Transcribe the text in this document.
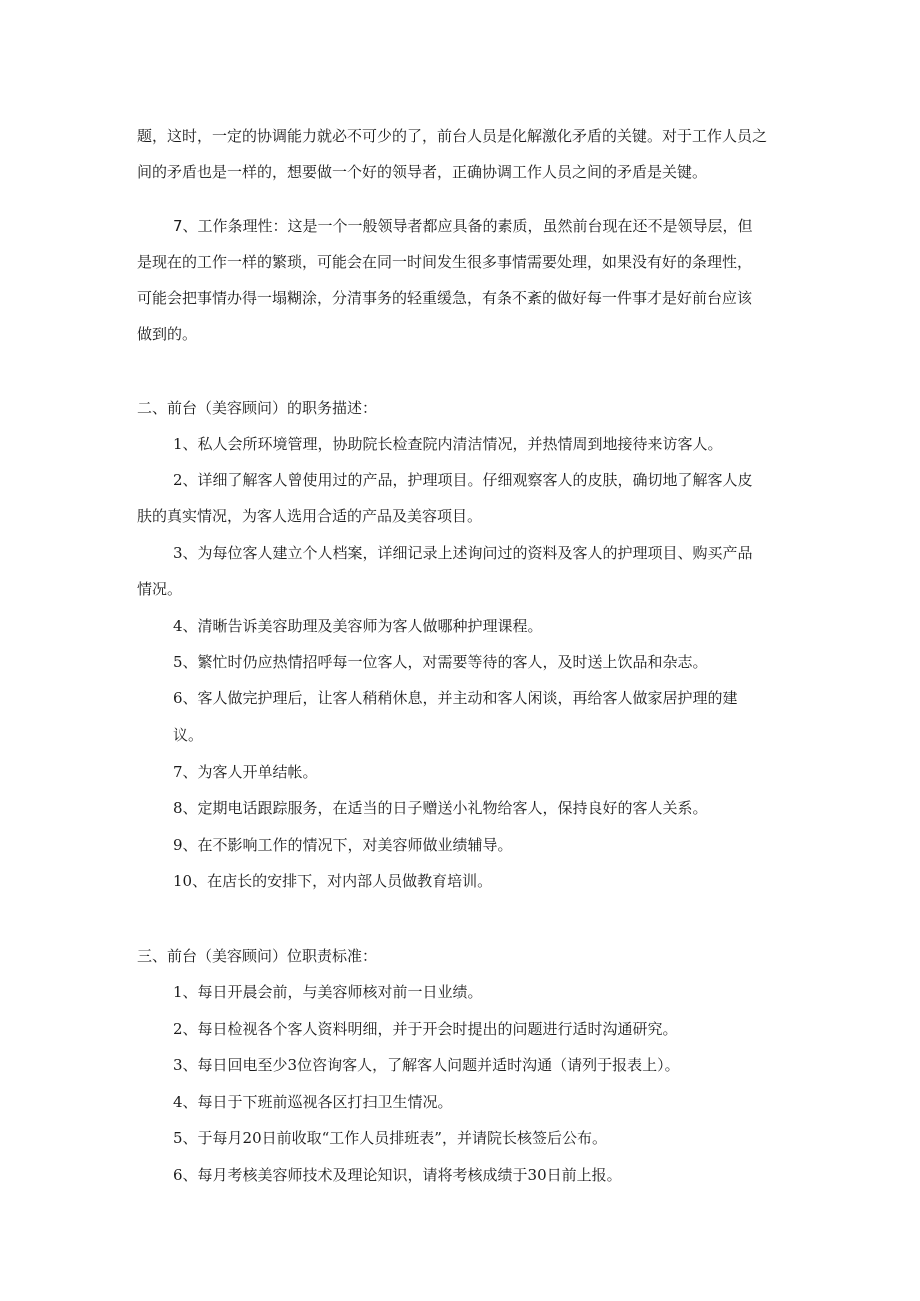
题，这时，一定的协调能力就必不可少的了，前台人员是化解激化矛盾的关键。对于工作人员之
间的矛盾也是一样的，想要做一个好的领导者，正确协调工作人员之间的矛盾是关键。
7、工作条理性：这是一个一般领导者都应具备的素质，虽然前台现在还不是领导层，但
是现在的工作一样的繁琐，可能会在同一时间发生很多事情需要处理，如果没有好的条理性，
可能会把事情办得一塌糊涂，分清事务的轻重缓急，有条不紊的做好每一件事才是好前台应该
做到的。
二、前台（美容顾问）的职务描述：
1、私人会所环境管理，协助院长检查院内清洁情况，并热情周到地接待来访客人。
2、详细了解客人曾使用过的产品，护理项目。仔细观察客人的皮肤，确切地了解客人皮
肤的真实情况，为客人选用合适的产品及美容项目。
3、为每位客人建立个人档案，详细记录上述询问过的资料及客人的护理项目、购买产品
情况。
4、清晰告诉美容助理及美容师为客人做哪种护理课程。
5、繁忙时仍应热情招呼每一位客人，对需要等待的客人，及时送上饮品和杂志。
6、客人做完护理后，让客人稍稍休息，并主动和客人闲谈，再给客人做家居护理的建
议。
7、为客人开单结帐。
8、定期电话跟踪服务，在适当的日子赠送小礼物给客人，保持良好的客人关系。
9、在不影响工作的情况下，对美容师做业绩辅导。
10、在店长的安排下，对内部人员做教育培训。
三、前台（美容顾问）位职责标准：
1、每日开晨会前，与美容师核对前一日业绩。
2、每日检视各个客人资料明细，并于开会时提出的问题进行适时沟通研究。
3、每日回电至少3位咨询客人，了解客人问题并适时沟通（请列于报表上）。
4、每日于下班前巡视各区打扫卫生情况。
5、于每月20日前收取“工作人员排班表”，并请院长核签后公布。
6、每月考核美容师技术及理论知识，请将考核成绩于30日前上报。
